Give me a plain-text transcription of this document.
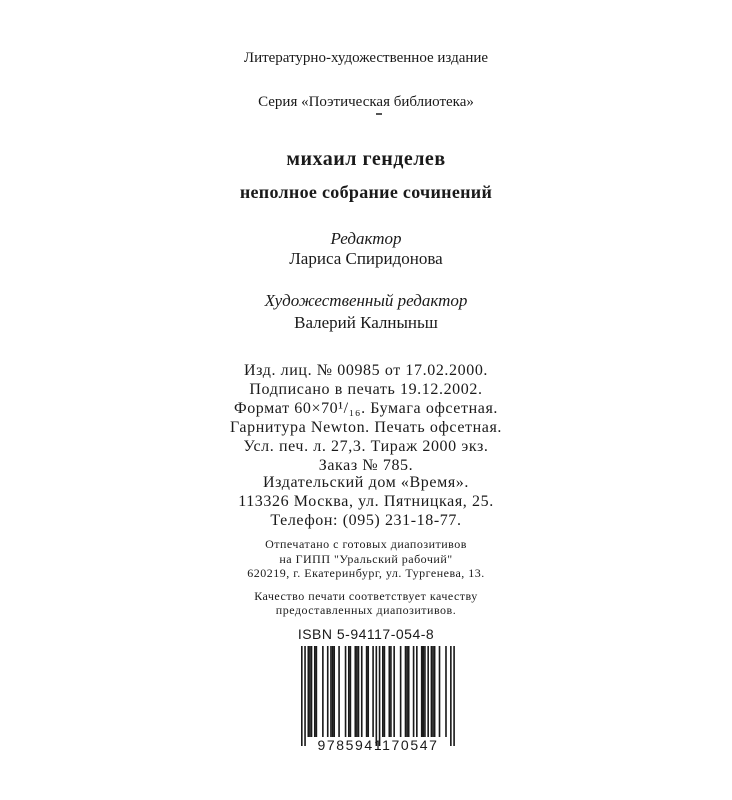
Литературно-художественное издание
Серия «Поэтическая библиотека»
михаил генделев
неполное собрание сочинений
Редактор
Лариса Спиридонова
Художественный редактор
Валерий Калныньш
Изд. лиц. № 00985 от 17.02.2000.
Подписано в печать 19.12.2002.
Формат 60×70¹/₁₆. Бумага офсетная.
Гарнитура Newton. Печать офсетная.
Усл. печ. л. 27,3. Тираж 2000 экз.
Заказ № 785.
Издательский дом «Время».
113326 Москва, ул. Пятницкая, 25.
Телефон: (095) 231-18-77.
Отпечатано с готовых диапозитивов
на ГИПП "Уральский рабочий"
620219, г. Екатеринбург, ул. Тургенева, 13.
Качество печати соответствует качеству
предоставленных диапозитивов.
ISBN 5-94117-054-8
9785941170547
